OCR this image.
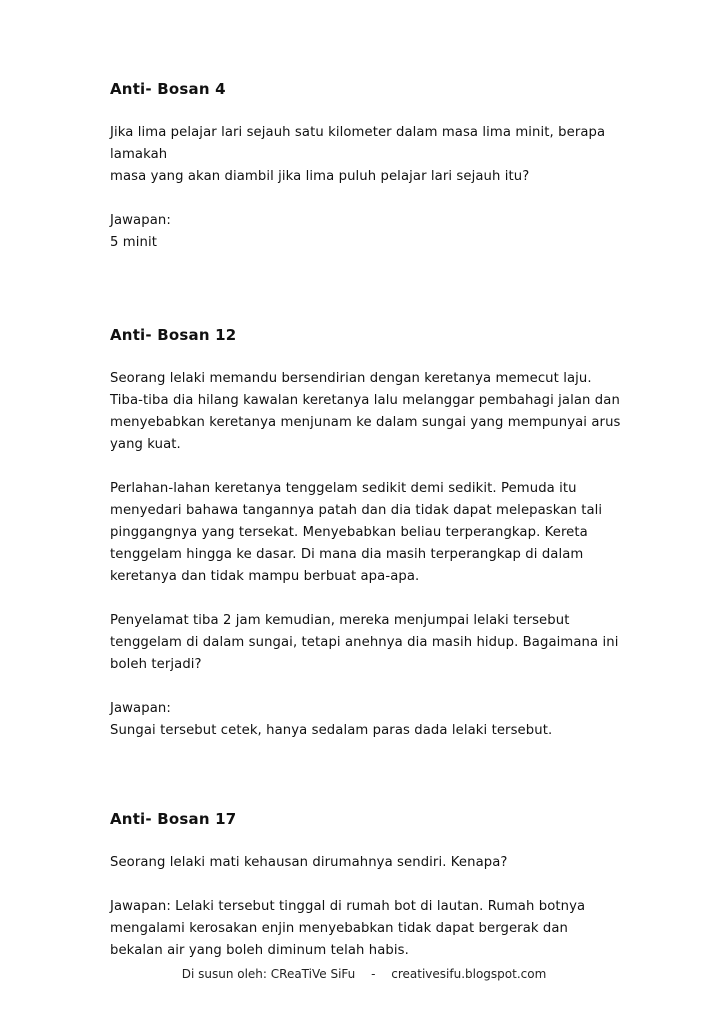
Anti- Bosan 4

Jika lima pelajar lari sejauh satu kilometer dalam masa lima minit, berapa

lamakah

masa yang akan diambil jika lima puluh pelajar lari sejauh itu?

Jawapan:

5 minit

Anti- Bosan 12

Seorang lelaki memandu bersendirian dengan keretanya memecut laju.

Tiba-tiba dia hilang kawalan keretanya lalu melanggar pembahagi jalan dan

menyebabkan keretanya menjunam ke dalam sungai yang mempunyai arus

yang kuat.

Perlahan-lahan keretanya tenggelam sedikit demi sedikit. Pemuda itu

menyedari bahawa tangannya patah dan dia tidak dapat melepaskan tali

pinggangnya yang tersekat. Menyebabkan beliau terperangkap. Kereta

tenggelam hingga ke dasar. Di mana dia masih terperangkap di dalam

keretanya dan tidak mampu berbuat apa-apa.

Penyelamat tiba 2 jam kemudian, mereka menjumpai lelaki tersebut

tenggelam di dalam sungai, tetapi anehnya dia masih hidup. Bagaimana ini

boleh terjadi?

Jawapan:

Sungai tersebut cetek, hanya sedalam paras dada lelaki tersebut.

Anti- Bosan 17

Seorang lelaki mati kehausan dirumahnya sendiri. Kenapa?

Jawapan: Lelaki tersebut tinggal di rumah bot di lautan. Rumah botnya

mengalami kerosakan enjin menyebabkan tidak dapat bergerak dan

bekalan air yang boleh diminum telah habis.

Di susun oleh: CReaTiVe SiFu - creativesifu.blogspot.com
